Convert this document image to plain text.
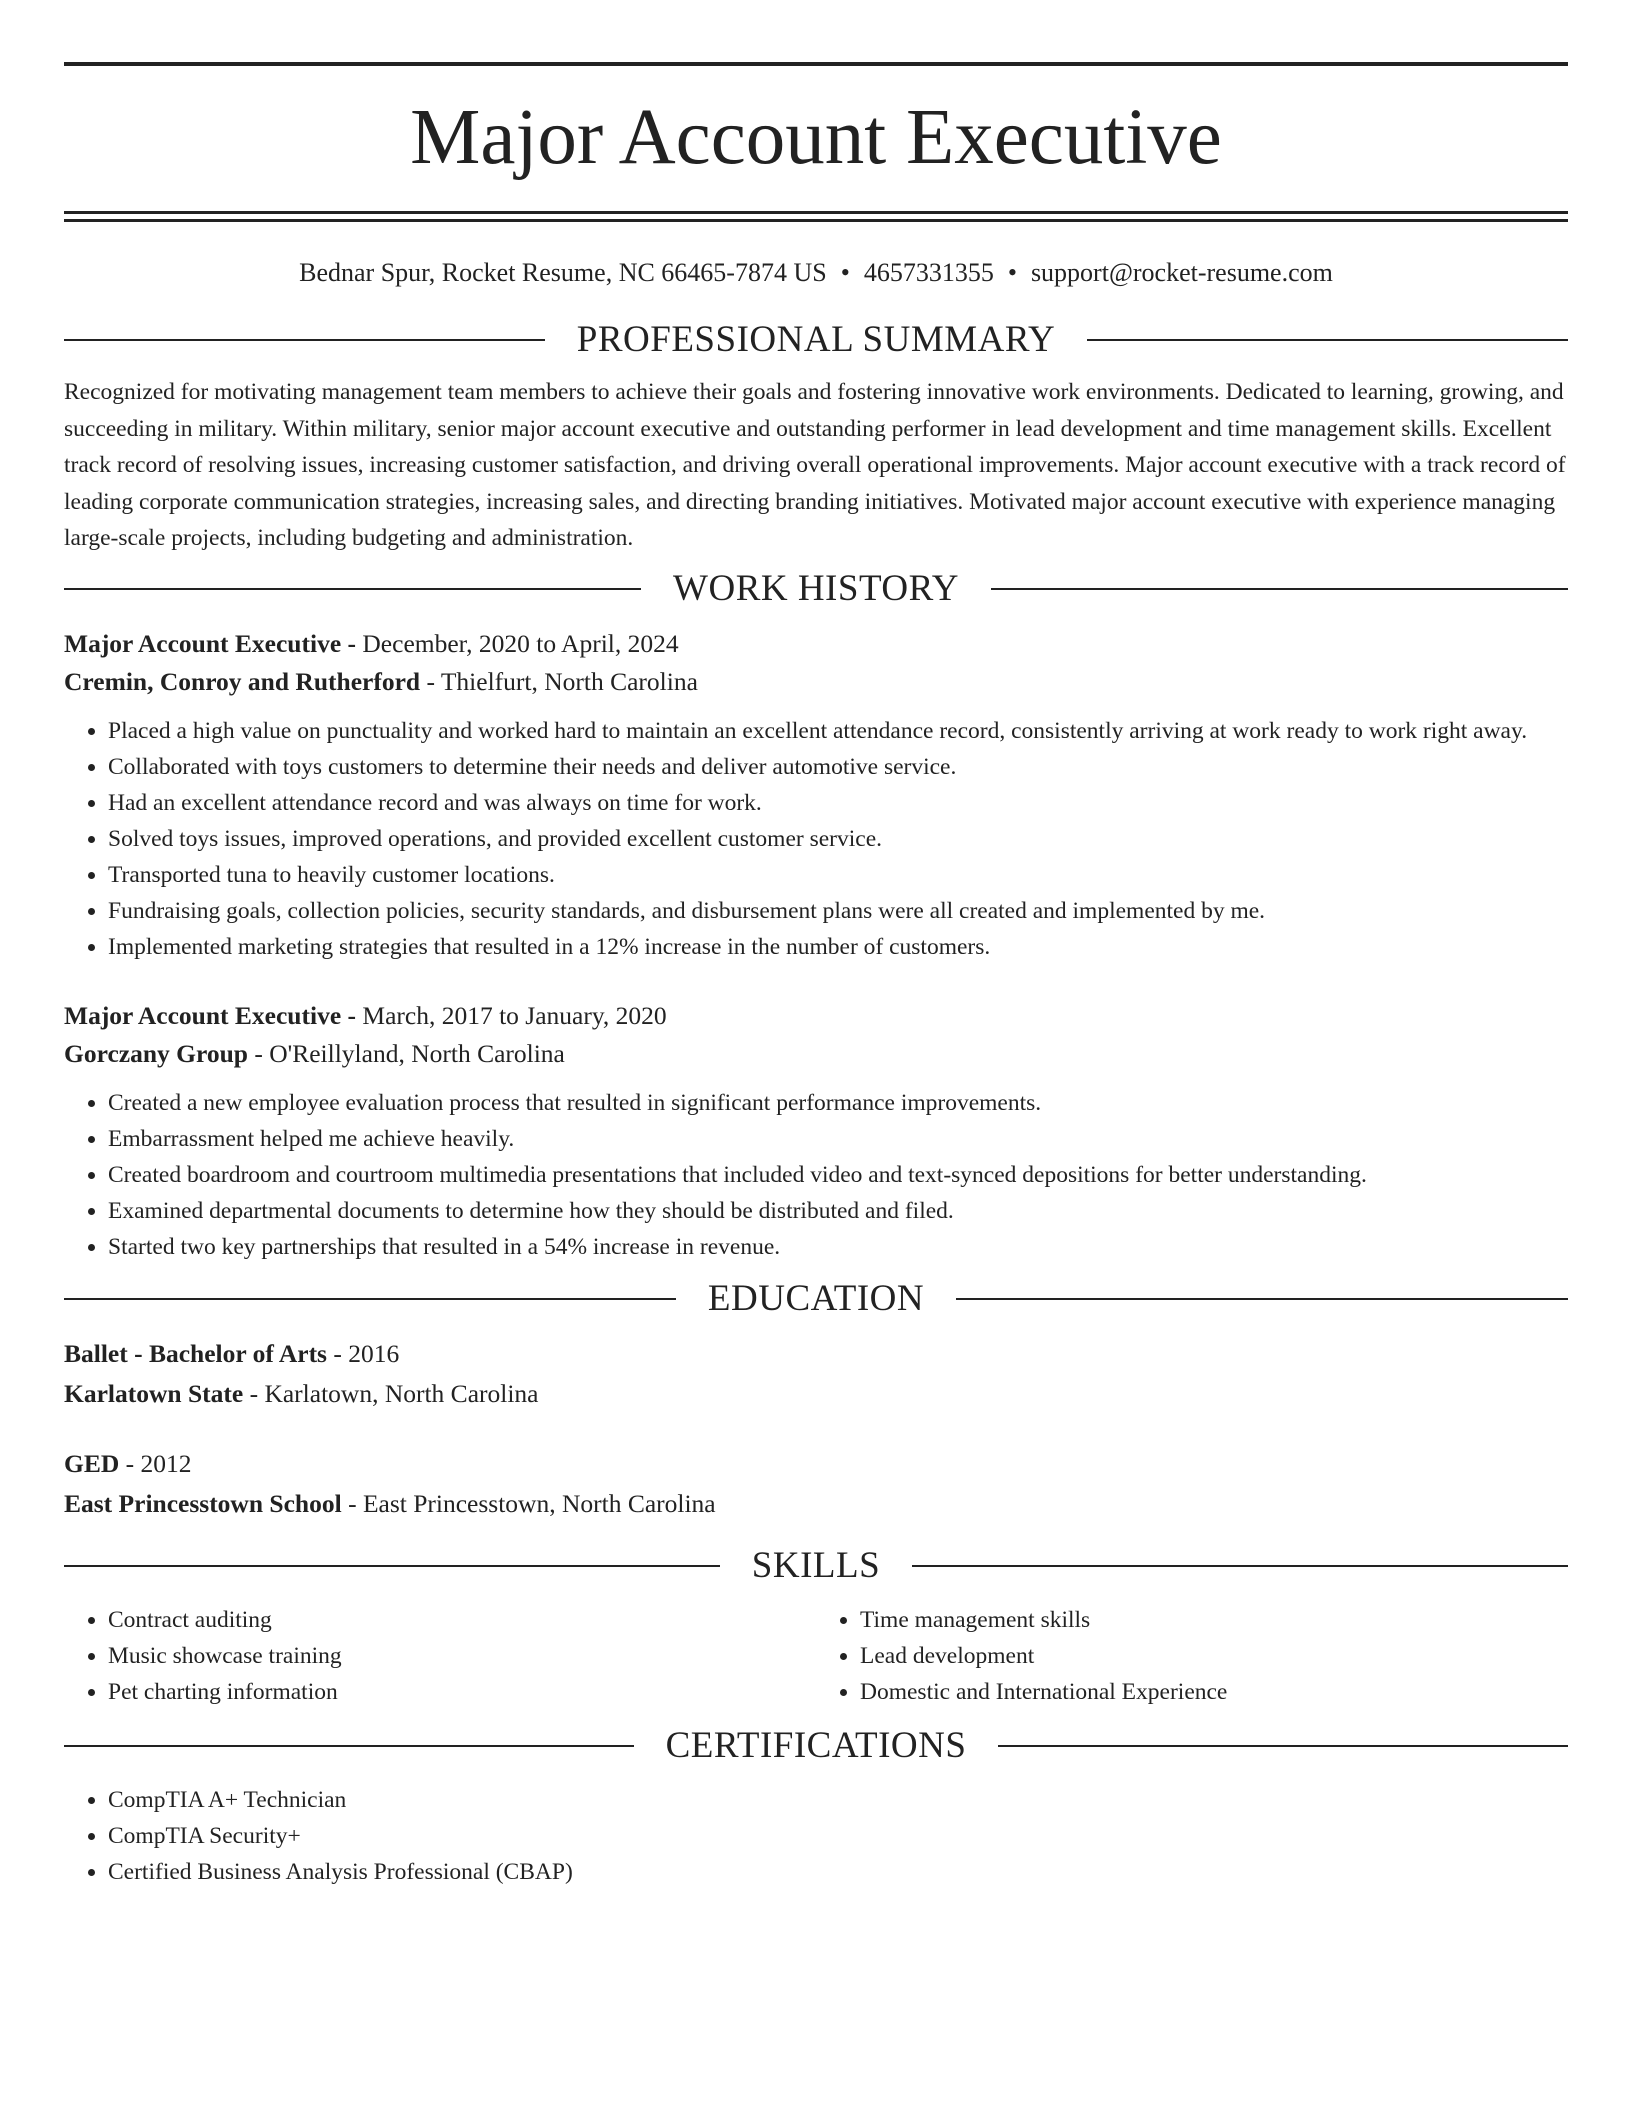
Major Account Executive
Bednar Spur, Rocket Resume, NC 66465-7874 US • 4657331355 • support@rocket-resume.com
PROFESSIONAL SUMMARY
Recognized for motivating management team members to achieve their goals and fostering innovative work environments. Dedicated to learning, growing, and succeeding in military. Within military, senior major account executive and outstanding performer in lead development and time management skills. Excellent track record of resolving issues, increasing customer satisfaction, and driving overall operational improvements. Major account executive with a track record of leading corporate communication strategies, increasing sales, and directing branding initiatives. Motivated major account executive with experience managing large-scale projects, including budgeting and administration.
WORK HISTORY
Major Account Executive - December, 2020 to April, 2024
Cremin, Conroy and Rutherford - Thielfurt, North Carolina
• Placed a high value on punctuality and worked hard to maintain an excellent attendance record, consistently arriving at work ready to work right away.
• Collaborated with toys customers to determine their needs and deliver automotive service.
• Had an excellent attendance record and was always on time for work.
• Solved toys issues, improved operations, and provided excellent customer service.
• Transported tuna to heavily customer locations.
• Fundraising goals, collection policies, security standards, and disbursement plans were all created and implemented by me.
• Implemented marketing strategies that resulted in a 12% increase in the number of customers.
Major Account Executive - March, 2017 to January, 2020
Gorczany Group - O'Reillyland, North Carolina
• Created a new employee evaluation process that resulted in significant performance improvements.
• Embarrassment helped me achieve heavily.
• Created boardroom and courtroom multimedia presentations that included video and text-synced depositions for better understanding.
• Examined departmental documents to determine how they should be distributed and filed.
• Started two key partnerships that resulted in a 54% increase in revenue.
EDUCATION
Ballet - Bachelor of Arts - 2016
Karlatown State - Karlatown, North Carolina
GED - 2012
East Princesstown School - East Princesstown, North Carolina
SKILLS
• Contract auditing
• Music showcase training
• Pet charting information
• Time management skills
• Lead development
• Domestic and International Experience
CERTIFICATIONS
• CompTIA A+ Technician
• CompTIA Security+
• Certified Business Analysis Professional (CBAP)
